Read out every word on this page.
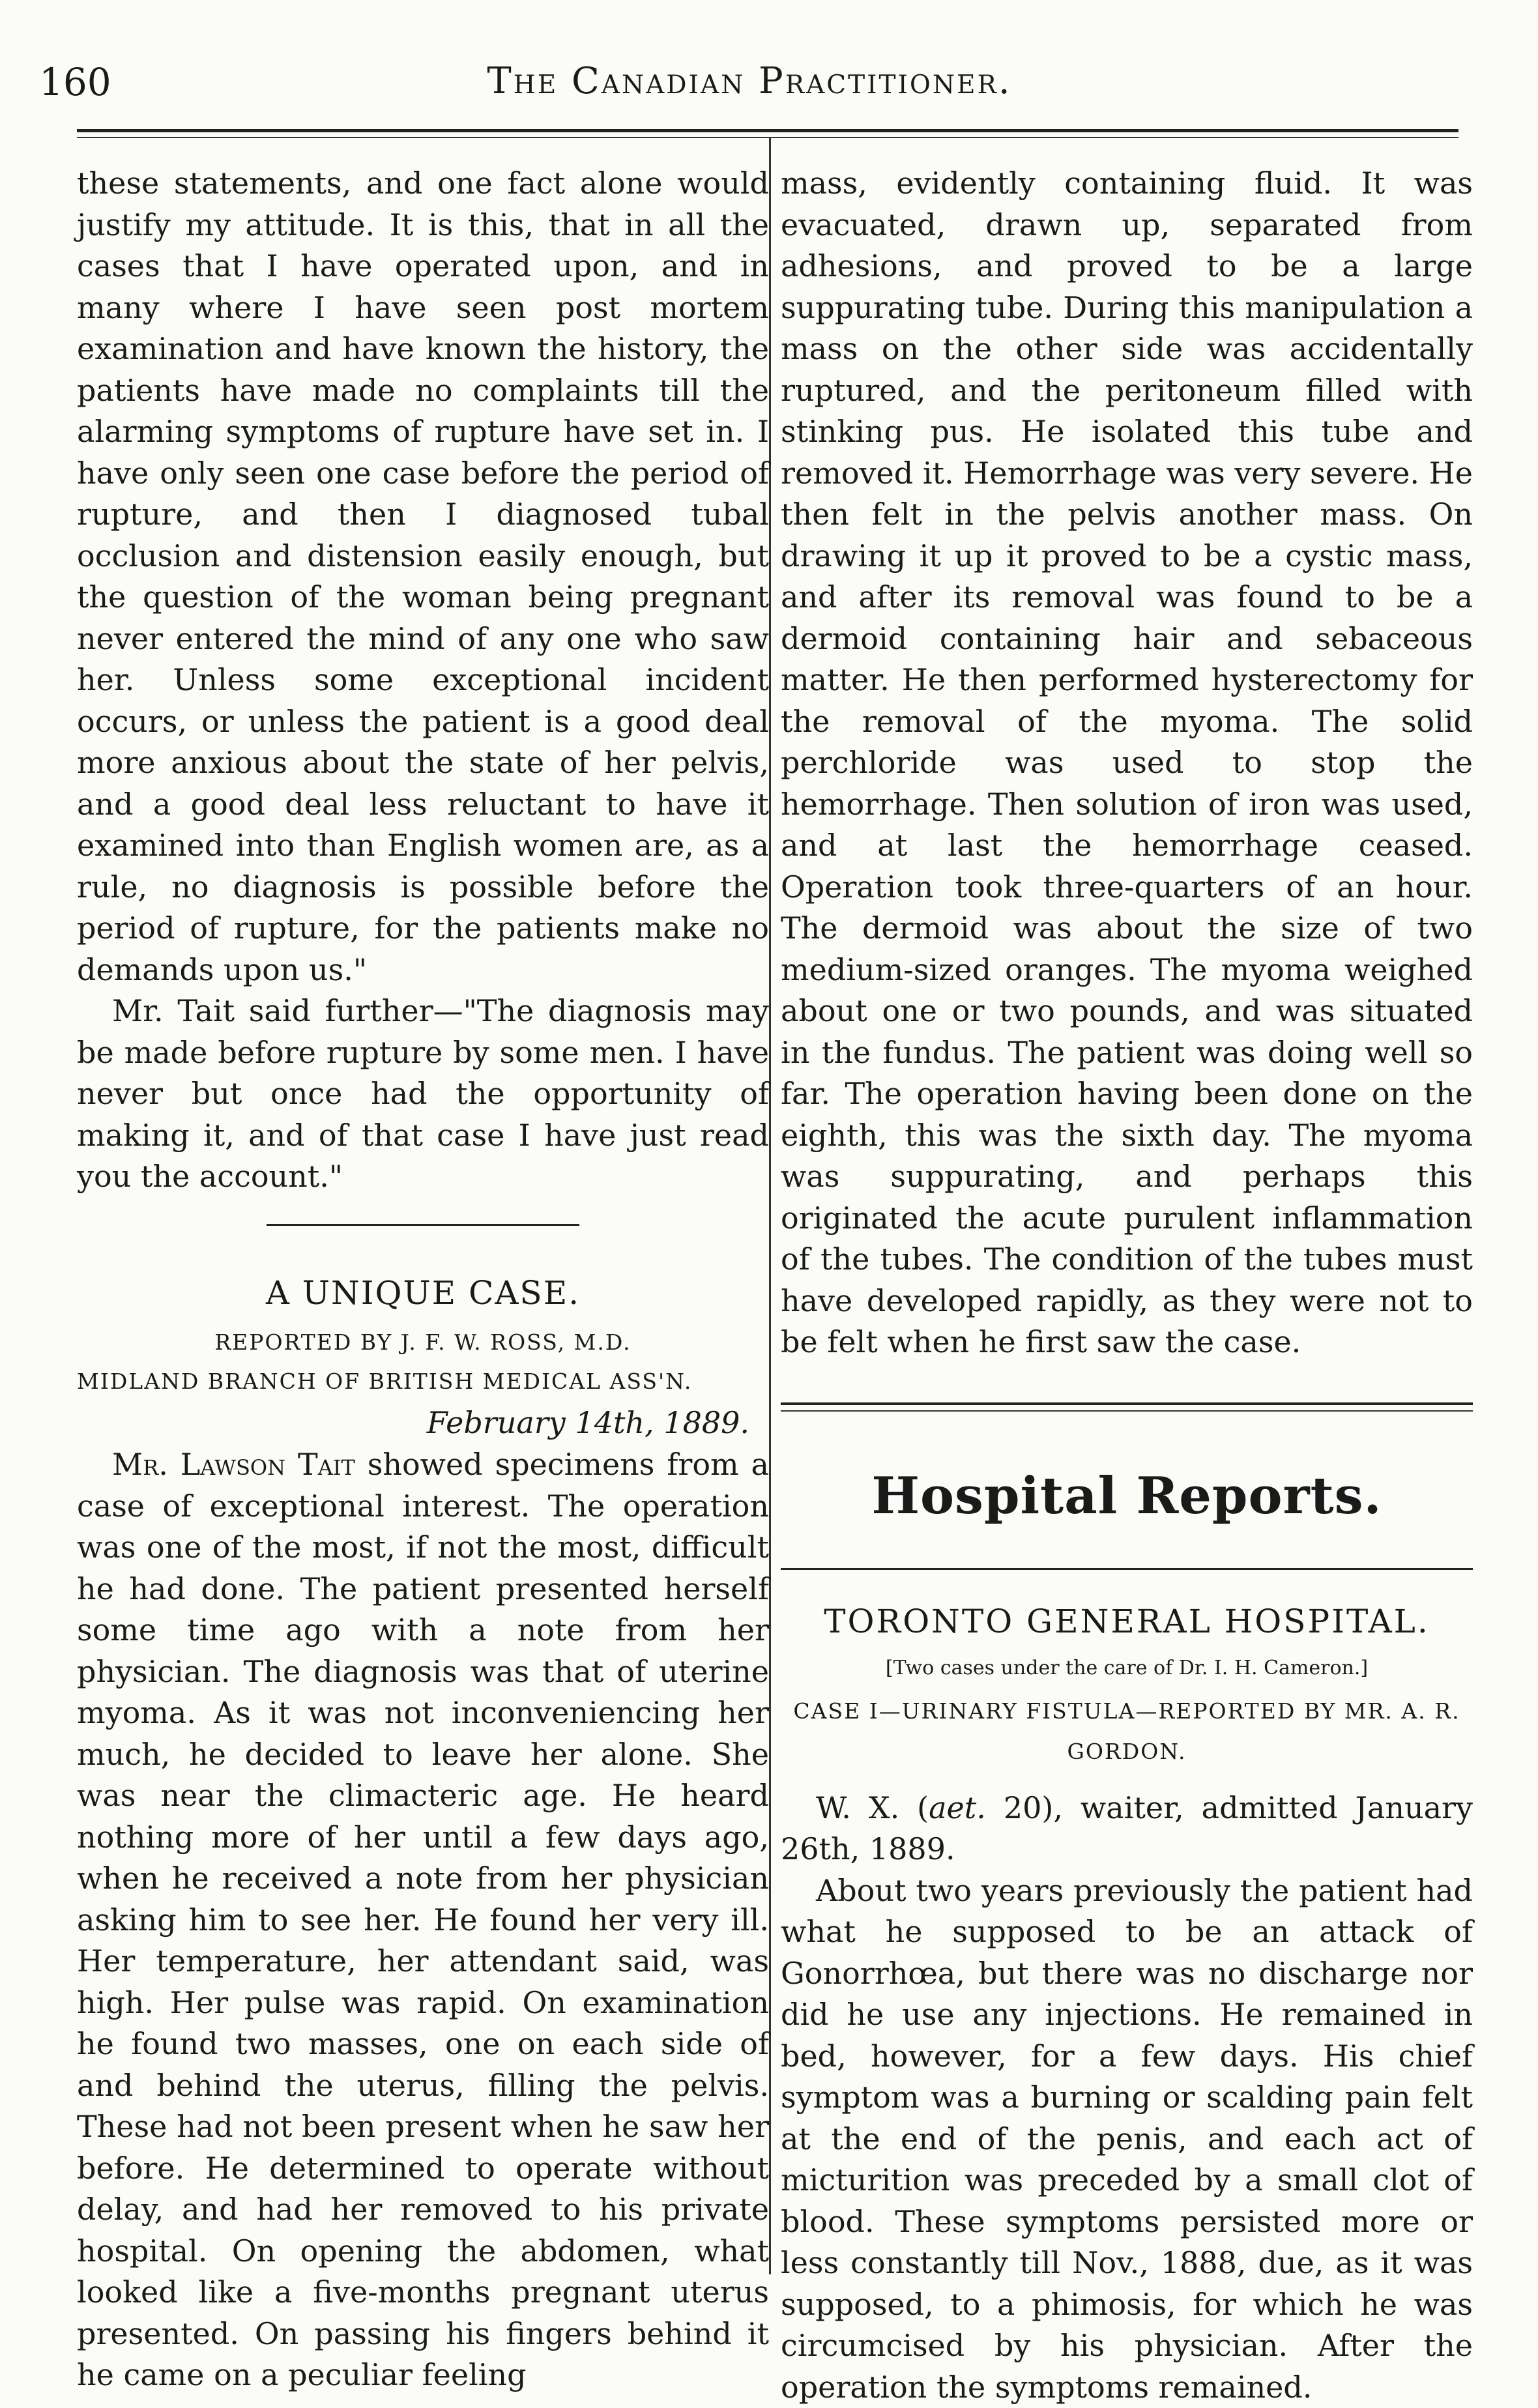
160	The Canadian Practitioner.

these statements, and one fact alone would justify my attitude. It is this, that in all the cases that I have operated upon, and in many where I have seen post mortem examination and have known the history, the patients have made no complaints till the alarming symptoms of rupture have set in. I have only seen one case before the period of rupture, and then I diagnosed tubal occlusion and distension easily enough, but the question of the woman being pregnant never entered the mind of any one who saw her. Unless some exceptional incident occurs, or unless the patient is a good deal more anxious about the state of her pelvis, and a good deal less reluctant to have it examined into than English women are, as a rule, no diagnosis is possible before the period of rupture, for the patients make no demands upon us."

Mr. Tait said further—"The diagnosis may be made before rupture by some men. I have never but once had the opportunity of making it, and of that case I have just read you the account."

A UNIQUE CASE.
REPORTED BY J. F. W. ROSS, M.D.
MIDLAND BRANCH OF BRITISH MEDICAL ASS'N.
February 14th, 1889.

Mr. Lawson Tait showed specimens from a case of exceptional interest. The operation was one of the most, if not the most, difficult he had done. The patient presented herself some time ago with a note from her physician. The diagnosis was that of uterine myoma. As it was not inconveniencing her much, he decided to leave her alone. She was near the climacteric age. He heard nothing more of her until a few days ago, when he received a note from her physician asking him to see her. He found her very ill. Her temperature, her attendant said, was high. Her pulse was rapid. On examination he found two masses, one on each side of and behind the uterus, filling the pelvis. These had not been present when he saw her before. He determined to operate without delay, and had her removed to his private hospital. On opening the abdomen, what looked like a five-months pregnant uterus presented. On passing his fingers behind it he came on a peculiar feeling

mass, evidently containing fluid. It was evacuated, drawn up, separated from adhesions, and proved to be a large suppurating tube. During this manipulation a mass on the other side was accidentally ruptured, and the peritoneum filled with stinking pus. He isolated this tube and removed it. Hemorrhage was very severe. He then felt in the pelvis another mass. On drawing it up it proved to be a cystic mass, and after its removal was found to be a dermoid containing hair and sebaceous matter. He then performed hysterectomy for the removal of the myoma. The solid perchloride was used to stop the hemorrhage. Then solution of iron was used, and at last the hemorrhage ceased. Operation took three-quarters of an hour. The dermoid was about the size of two medium-sized oranges. The myoma weighed about one or two pounds, and was situated in the fundus. The patient was doing well so far. The operation having been done on the eighth, this was the sixth day. The myoma was suppurating, and perhaps this originated the acute purulent inflammation of the tubes. The condition of the tubes must have developed rapidly, as they were not to be felt when he first saw the case.

Hospital Reports.
TORONTO GENERAL HOSPITAL.
[Two cases under the care of Dr. I. H. Cameron.]
CASE I—URINARY FISTULA—REPORTED BY MR. A. R. GORDON.

W. X. (aet. 20), waiter, admitted January 26th, 1889.

About two years previously the patient had what he supposed to be an attack of Gonorrhœa, but there was no discharge nor did he use any injections. He remained in bed, however, for a few days. His chief symptom was a burning or scalding pain felt at the end of the penis, and each act of micturition was preceded by a small clot of blood. These symptoms persisted more or less constantly till Nov., 1888, due, as it was supposed, to a phimosis, for which he was circumcised by his physician. After the operation the symptoms remained.
